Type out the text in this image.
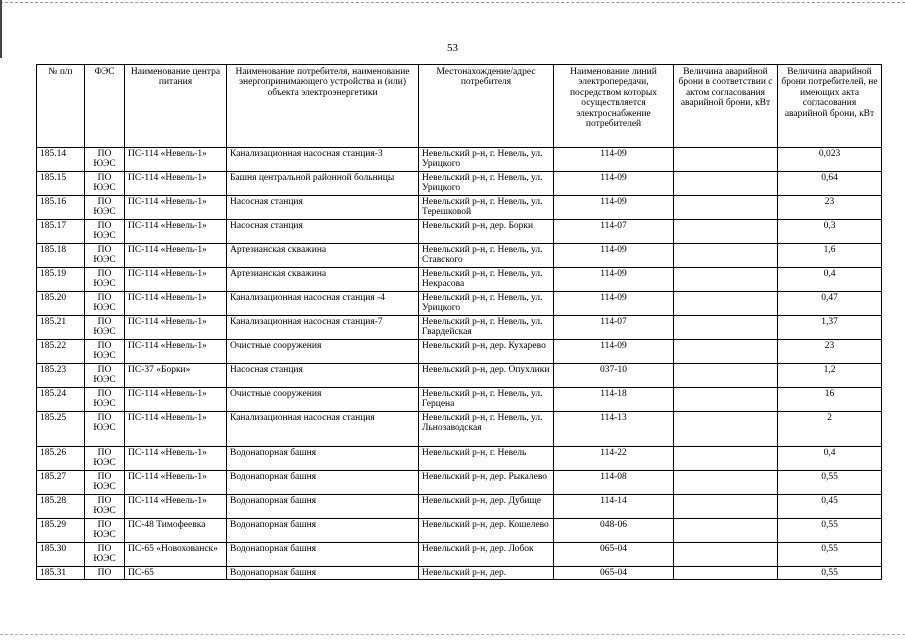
53
№ п/п	ФЭС	Наименование центра питания	Наименование потребителя, наименование энергопринимающего устройства и (или) объекта электроэнергетики	Местонахождение/адрес потребителя	Наименование линий электропередачи, посредством которых осуществляется электроснабжение потребителей	Величина аварийной брони в соответствии с актом согласования аварийной брони, кВт	Величина аварийной брони потребителей, не имеющих акта согласования аварийной брони, кВт
185.14	ПО ЮЭС	ПС-114 «Невель-1»	Канализационная насосная станция-3	Невельский р-н, г. Невель, ул. Урицкого	114-09		0,023
185.15	ПО ЮЭС	ПС-114 «Невель-1»	Башня центральной районной больницы	Невельский р-н, г. Невель, ул. Урицкого	114-09		0,64
185.16	ПО ЮЭС	ПС-114 «Невель-1»	Насосная станция	Невельский р-н, г. Невель, ул. Терешковой	114-09		23
185.17	ПО ЮЭС	ПС-114 «Невель-1»	Насосная станция	Невельский р-н, дер. Борки	114-07		0,3
185.18	ПО ЮЭС	ПС-114 «Невель-1»	Артезианская скважина	Невельский р-н, г. Невель, ул. Ставского	114-09		1,6
185.19	ПО ЮЭС	ПС-114 «Невель-1»	Артезианская скважина	Невельский р-н, г. Невель, ул. Некрасова	114-09		0,4
185.20	ПО ЮЭС	ПС-114 «Невель-1»	Канализационная насосная станция -4	Невельский р-н, г. Невель, ул. Урицкого	114-09		0,47
185.21	ПО ЮЭС	ПС-114 «Невель-1»	Канализационная насосная станция-7	Невельский р-н, г. Невель, ул. Гвардейская	114-07		1,37
185.22	ПО ЮЭС	ПС-114 «Невель-1»	Очистные сооружения	Невельский р-н, дер. Кухарево	114-09		23
185.23	ПО ЮЭС	ПС-37 «Борки»	Насосная станция	Невельский р-н, дер. Опухлики	037-10		1,2
185.24	ПО ЮЭС	ПС-114 «Невель-1»	Очистные сооружения	Невельский р-н, г. Невель, ул. Герцена	114-18		16
185.25	ПО ЮЭС	ПС-114 «Невель-1»	Канализационная насосная станция	Невельский р-н, г. Невель, ул. Льнозаводская	114-13		2
185.26	ПО ЮЭС	ПС-114 «Невель-1»	Водонапорная башня	Невельский р-н, г. Невель	114-22		0,4
185.27	ПО ЮЭС	ПС-114 «Невель-1»	Водонапорная башня	Невельский р-н, дер. Рыкалево	114-08		0,55
185.28	ПО ЮЭС	ПС-114 «Невель-1»	Водонапорная башня	Невельский р-н, дер. Дубище	114-14		0,45
185.29	ПО ЮЭС	ПС-48 Тимофеевка	Водонапорная башня	Невельский р-н, дер. Кошелево	048-06		0,55
185.30	ПО ЮЭС	ПС-65 «Новохованск»	Водонапорная башня	Невельский р-н, дер. Лобок	065-04		0,55
185.31	ПО	ПС-65	Водонапорная башня	Невельский р-н, дер.	065-04		0,55
